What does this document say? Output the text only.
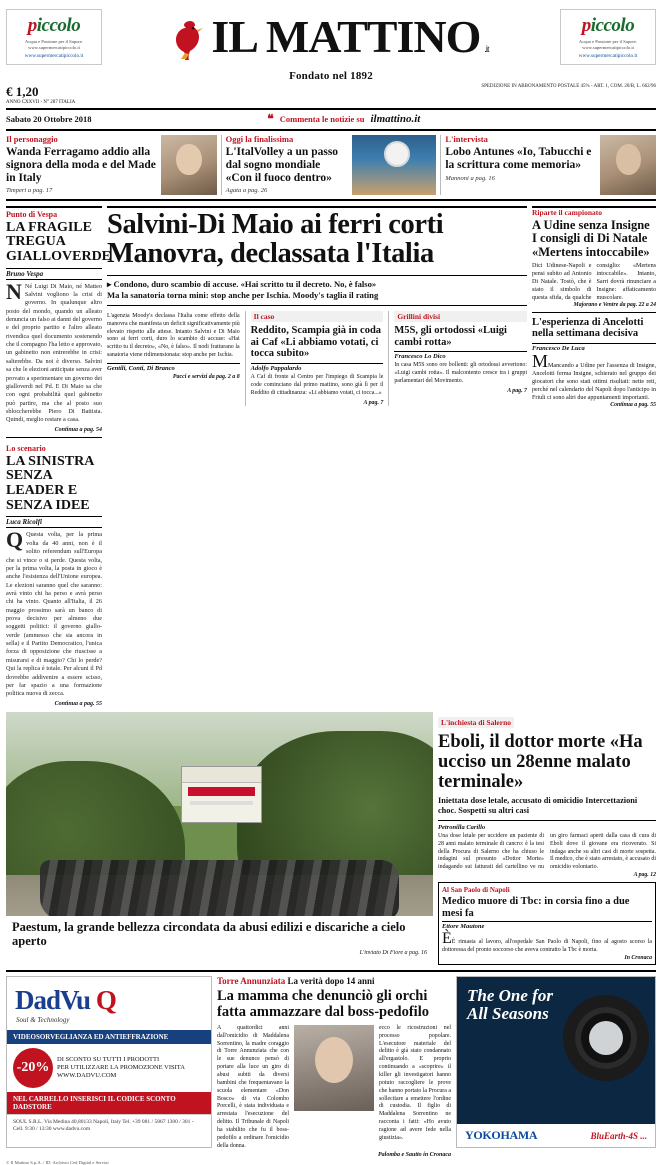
piccolo
Acqua e Passione per il Sapore. www.supermercatipiccolo.it
www.supermercatipiccolo.it	IL MATTINO .it
piccolo
Acqua e Passione per il Sapore. www.supermercatipiccolo.it
www.supermercatipiccolo.it
Fondato nel 1892
€ 1,20
ANNO CXXVII - N° 287 ITALIA
SPEDIZIONE IN ABBONAMENTO POSTALE 45% - ART. 1, COM. 20/B, L. 662/96
Sabato 20 Ottobre 2018	❝ Commenta le notizie su ilmattino.it
Il personaggio
Wanda Ferragamo addio alla signora della moda e del Made in Italy
Timperi a pag. 17
Oggi la finalissima
L'ItalVolley a un passo dal sogno mondiale «Con il fuoco dentro»
Agata a pag. 26
L'intervista
Lobo Antunes «Io, Tabucchi e la scrittura come memoria»
Mannoni a pag. 16
Punto di Vespa
LA FRAGILE TREGUA GIALLOVERDE
Bruno Vespa
N Né Luigi Di Maio, né Matteo Salvini vogliono la crisi di governo. In qualunque altro posto del mondo, quando un alleato denuncia un falso ai danni del governo e del proprio partito e l'altro alleato rivendica quel documento sostenendo che il compagno l'ha letto e approvato, un gabinetto non entrerebbe in crisi: salterebbe. Da noi è diverso. Salvini sa che le elezioni anticipate senza aver provato a sperimentare un governo dei gialloverdi nel Pd. E Di Maio sa che con ogni probabilità quel gabinetto può partire, ma che al posto suo sbloccherebbe Piero Di Battista. Quindi, meglio restare a casa.
Continua a pag. 54
Lo scenario
LA SINISTRA SENZA LEADER E SENZA IDEE
Luca Ricolfi
Q Questa volta, per la prima volta da 40 anni, non è il solito referendum sull'Europa che si vince o si perde. Questa volta, per la prima volta, la posta in gioco è anche l'esistenza dell'Unione europea. Le elezioni saranno quel che saranno: avrà vinto chi ha perso e avrà perso chi ha vinto. Quanto all'Italia, il 26 maggio prossimo sarà un banco di prova decisivo per almeno due soggetti politici: il governo giallo-verde (ammesso che sia ancora in sella) e il Partito Democratico, l'unica forza di opposizione che riuscisse a misurarsi e di maggio? Chi lo perde? Qui la replica è totale. Per alcuni il Pd dovrebbe addivenire a essere scisso, per far spazio a una formazione politica nuova di zecca.
Continua a pag. 55
Salvini-Di Maio ai ferri corti Manovra, declassata l'Italia
▸ Condono, duro scambio di accuse. «Hai scritto tu il decreto. No, è falso»
Ma la sanatoria torna mini: stop anche per Ischia. Moody's taglia il rating
L'agenzia Moody's declassa l'Italia come effetto della manovra che manifesta un deficit significativamente più elevato rispetto alle attese. Intanto Salvini e Di Maio sono ai ferri corti, duro lo scambio di accuse: «Hai scritto tu il decreto», «No, è falso». Il nodi fratturano la sanatoria viene ridimensionata: stop anche per Ischia.
Gentili, Conti, Di Branco
Pacci e servizi da pag. 2 a 8
Il caso
Reddito, Scampia già in coda ai Caf «Li abbiamo votati, ci tocca subito»
Adolfo Pappalardo
A Caf di fronte al Centro per l'impiego di Scampia le code cominciano dal primo mattino, sono già lì per il Reddito di cittadinanza: «Li abbiamo votati, ci tocca...»
A pag. 7
Grillini divisi
M5S, gli ortodossi «Luigi cambi rotta»
Francesco Lo Dico
In casa M5S sono ore bollenti: gli ortodossi avvertono: «Luigi cambi rotta». Il malcontento cresce tra i gruppi parlamentari del Movimento.
A pag. 7
Riparte il campionato
A Udine senza Insigne I consigli di Di Natale «Mertens intoccabile»
Dici Udinese-Napoli e pensi subito ad Antonio Di Natale. Tostò, che è stato il simbolo di questa sfida, da qualche consiglio: «Mertens intoccabile». Intanto, Sarri dovrà rinunciare a Insigne: affaticamento muscolare.
Majorano e Ventre da pag. 22 a 24
L'esperienza di Ancelotti nella settimana decisiva
Francesco De Luca
MMancando a Udine per l'assenza di Insigne, Ancelotti ferma Insigne, schierato nel gruppo dei giocatori che sono stati ottimi risultati: nette reti, perché nel calendario del Napoli dopo l'anticipo in Friuli ci sono altri due appuntamenti importanti.
Continua a pag. 55
Paestum, la grande bellezza circondata da abusi edilizi e discariche a cielo aperto
L'inviato Di Fiore a pag. 16
L'inchiesta di Salerno
Eboli, il dottor morte «Ha ucciso un 28enne malato terminale»
Iniettata dose letale, accusato di omicidio Intercettazioni choc. Sospetti su altri casi
Petronilla Carillo
Una dose letale per uccidere un paziente di 28 anni malato terminale di cancro: è la tesi della Procura di Salerno che ha chiuso le indagini sul presunto «Dottor Morte» indagando sui fatturati del cartellino ve nu un giro farmaci aperti dalla casa di cura di Eboli dove il giovane era ricoverato. Si indaga anche su altri casi di morte sospetta. Il medico, che è stato arrestato, è accusato di omicidio volontario.
A pag. 12
Al San Paolo di Napoli
Medico muore di Tbc: in corsia fino a due mesi fa
Ettore Mautone
ÈÈ rimasta al lavoro, all'ospedale San Paolo di Napoli, fino al agosto scorso la dottoressa del pronto soccorso che aveva contratto la Tbc è morta.
In Cronaca
DadVu Q
Soul & Technology
VIDEOSORVEGLIANZA ED ANTIEFFRAZIONE
-20%
DI SCONTO SU TUTTI I PRODOTTI
PER UTILIZZARE LA PROMOZIONE VISITA
WWW.DADVU.COM
NEL CARRELLO INSERISCI IL CODICE SCONTO DADSTORE
SOUL S.R.L. Via Medina 40,80133 Napoli, Italy Tel. +39 081 / 5867 1300 / 301 - Cell. 9:30 / 13:30 www.dadvu.com
Torre Annunziata La verità dopo 14 anni
La mamma che denunciò gli orchi fatta ammazzare dal boss-pedofilo
A quattordici anni dall'omicidio di Maddalena Sorrentino, la madre coraggio di Torre Annunziata che con le sue denunce pensò di portare alla luce un giro di abusi subiti da diversi bambini che frequentavano la scuola elementare «Don Bosco» di via Colombo Porcelli, è stata individuata e arrestata l'esecuzione del delitto. Il Tribunale di Napoli ha stabilito che fu il boss-pedofilo a ordinare l'omicidio della donna.
ecco le ricostruzioni nel processo popolare. L'esecutore materiale del delitto è già stato condannato all'ergastolo. E proprio continuando a «scoprire» il killer gli investigatori hanno potuto raccogliere le prove che hanno portato la Procura a sollecitare a emettere l'ordine di custodia. Il figlio di Maddalena Sorrentino ne racconta i fatti: «Ho avuto ragione ad avere fede nella giustizia».
Palomba e Sautto in Cronaca
The One for
All Seasons
YOKOHAMA	BluEarth-4S ...
© Il Mattino S.p.A. / ID: Archivio Ced Digital e Servizi
